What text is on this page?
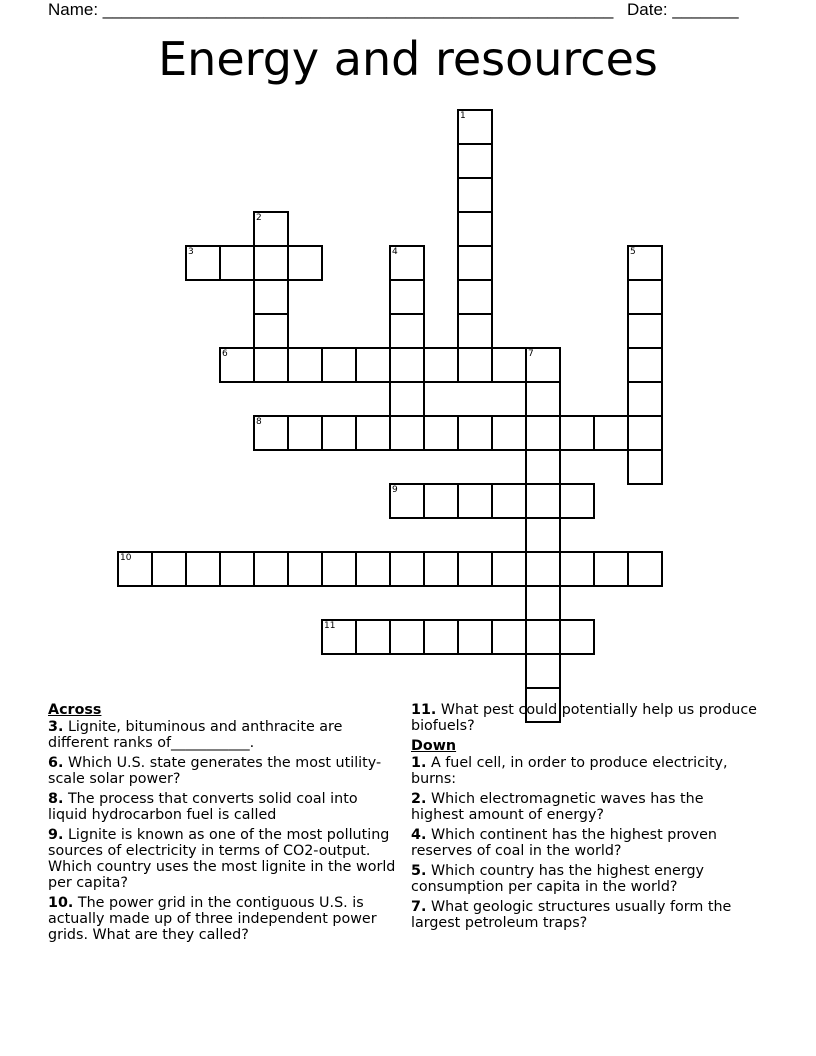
Name: ______________________________________________________ Date: _______
Energy and resources
1
2
3	4	5
6	7
8
9
10
11
Across
3. Lignite, bituminous and anthracite are different ranks of___________.
6. Which U.S. state generates the most utility-scale solar power?
8. The process that converts solid coal into liquid hydrocarbon fuel is called
9. Lignite is known as one of the most polluting sources of electricity in terms of CO2-output. Which country uses the most lignite in the world per capita?
10. The power grid in the contiguous U.S. is actually made up of three independent power grids. What are they called?
11. What pest could potentially help us produce biofuels?
Down
1. A fuel cell, in order to produce electricity, burns:
2. Which electromagnetic waves has the highest amount of energy?
4. Which continent has the highest proven reserves of coal in the world?
5. Which country has the highest energy consumption per capita in the world?
7. What geologic structures usually form the largest petroleum traps?
